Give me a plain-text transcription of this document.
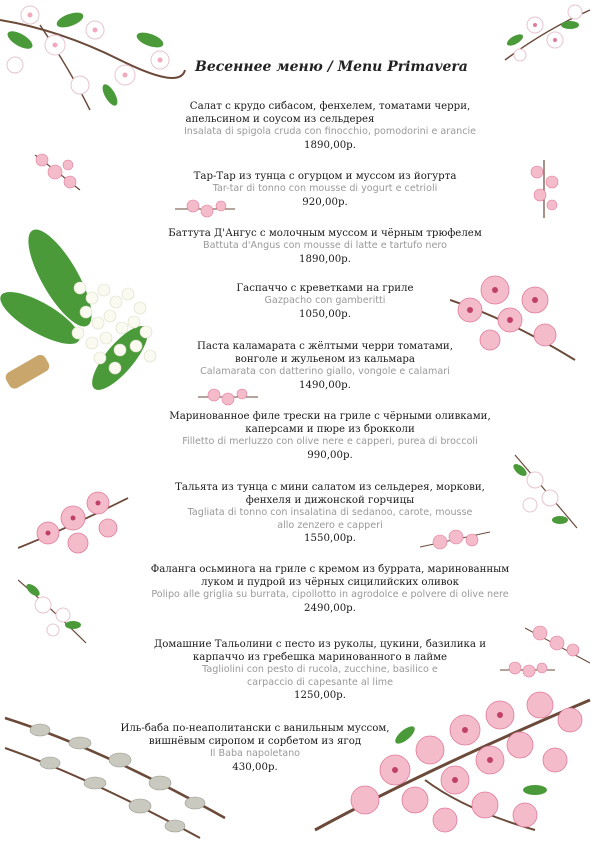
Весеннее меню / Menu Primavera
Салат с крудо сибасом, фенхелем, томатами черри,
апельсином и соусом из сельдерея
Insalata di spigola cruda con finocchio, pomodorini e arancie
1890,00р.
Тар-Тар из тунца с огурцом и муссом из йогурта
Tar-tar di tonno con mousse di yogurt e cetrioli
920,00р.
Баттута Д'Ангус с молочным муссом и чёрным трюфелем
Battuta d'Angus con mousse di latte e tartufo nero
1890,00р.
Гаспаччо с креветками на гриле
Gazpacho con gamberitti
1050,00р.
Паста каламарата с жёлтыми черри томатами,
вонголе и жульеном из кальмара
Calamarata con datterino giallo, vongole e calamari
1490,00р.
Маринованное филе трески на гриле с чёрными оливками,
каперсами и пюре из брокколи
Filletto di merluzzo con olive nere e capperi, purea di broccoli
990,00р.
Тальята из тунца с мини салатом из сельдерея, моркови,
фенхеля и дижонской горчицы
Tagliata di tonno con insalatina di sedanoo, carote, mousse
allo zenzero e capperi
1550,00р.
Фаланга осьминога на гриле с кремом из буррата, маринованным
луком и пудрой из чёрных сицилийских оливок
Polipo alle griglia su burrata, cipollotto in agrodolce e polvere di olive nere
2490,00р.
Домашние Тальолини с песто из руколы, цукини, базилика и
карпаччо из гребешка маринованного в лайме
Tagliolini con pesto di rucola, zucchine, basilico e
carpaccio di capesante al lime
1250,00р.
Иль-баба по-неаполитански с ванильным муссом,
вишнёвым сиропом и сорбетом из ягод
Il Baba napoletano
430,00р.
